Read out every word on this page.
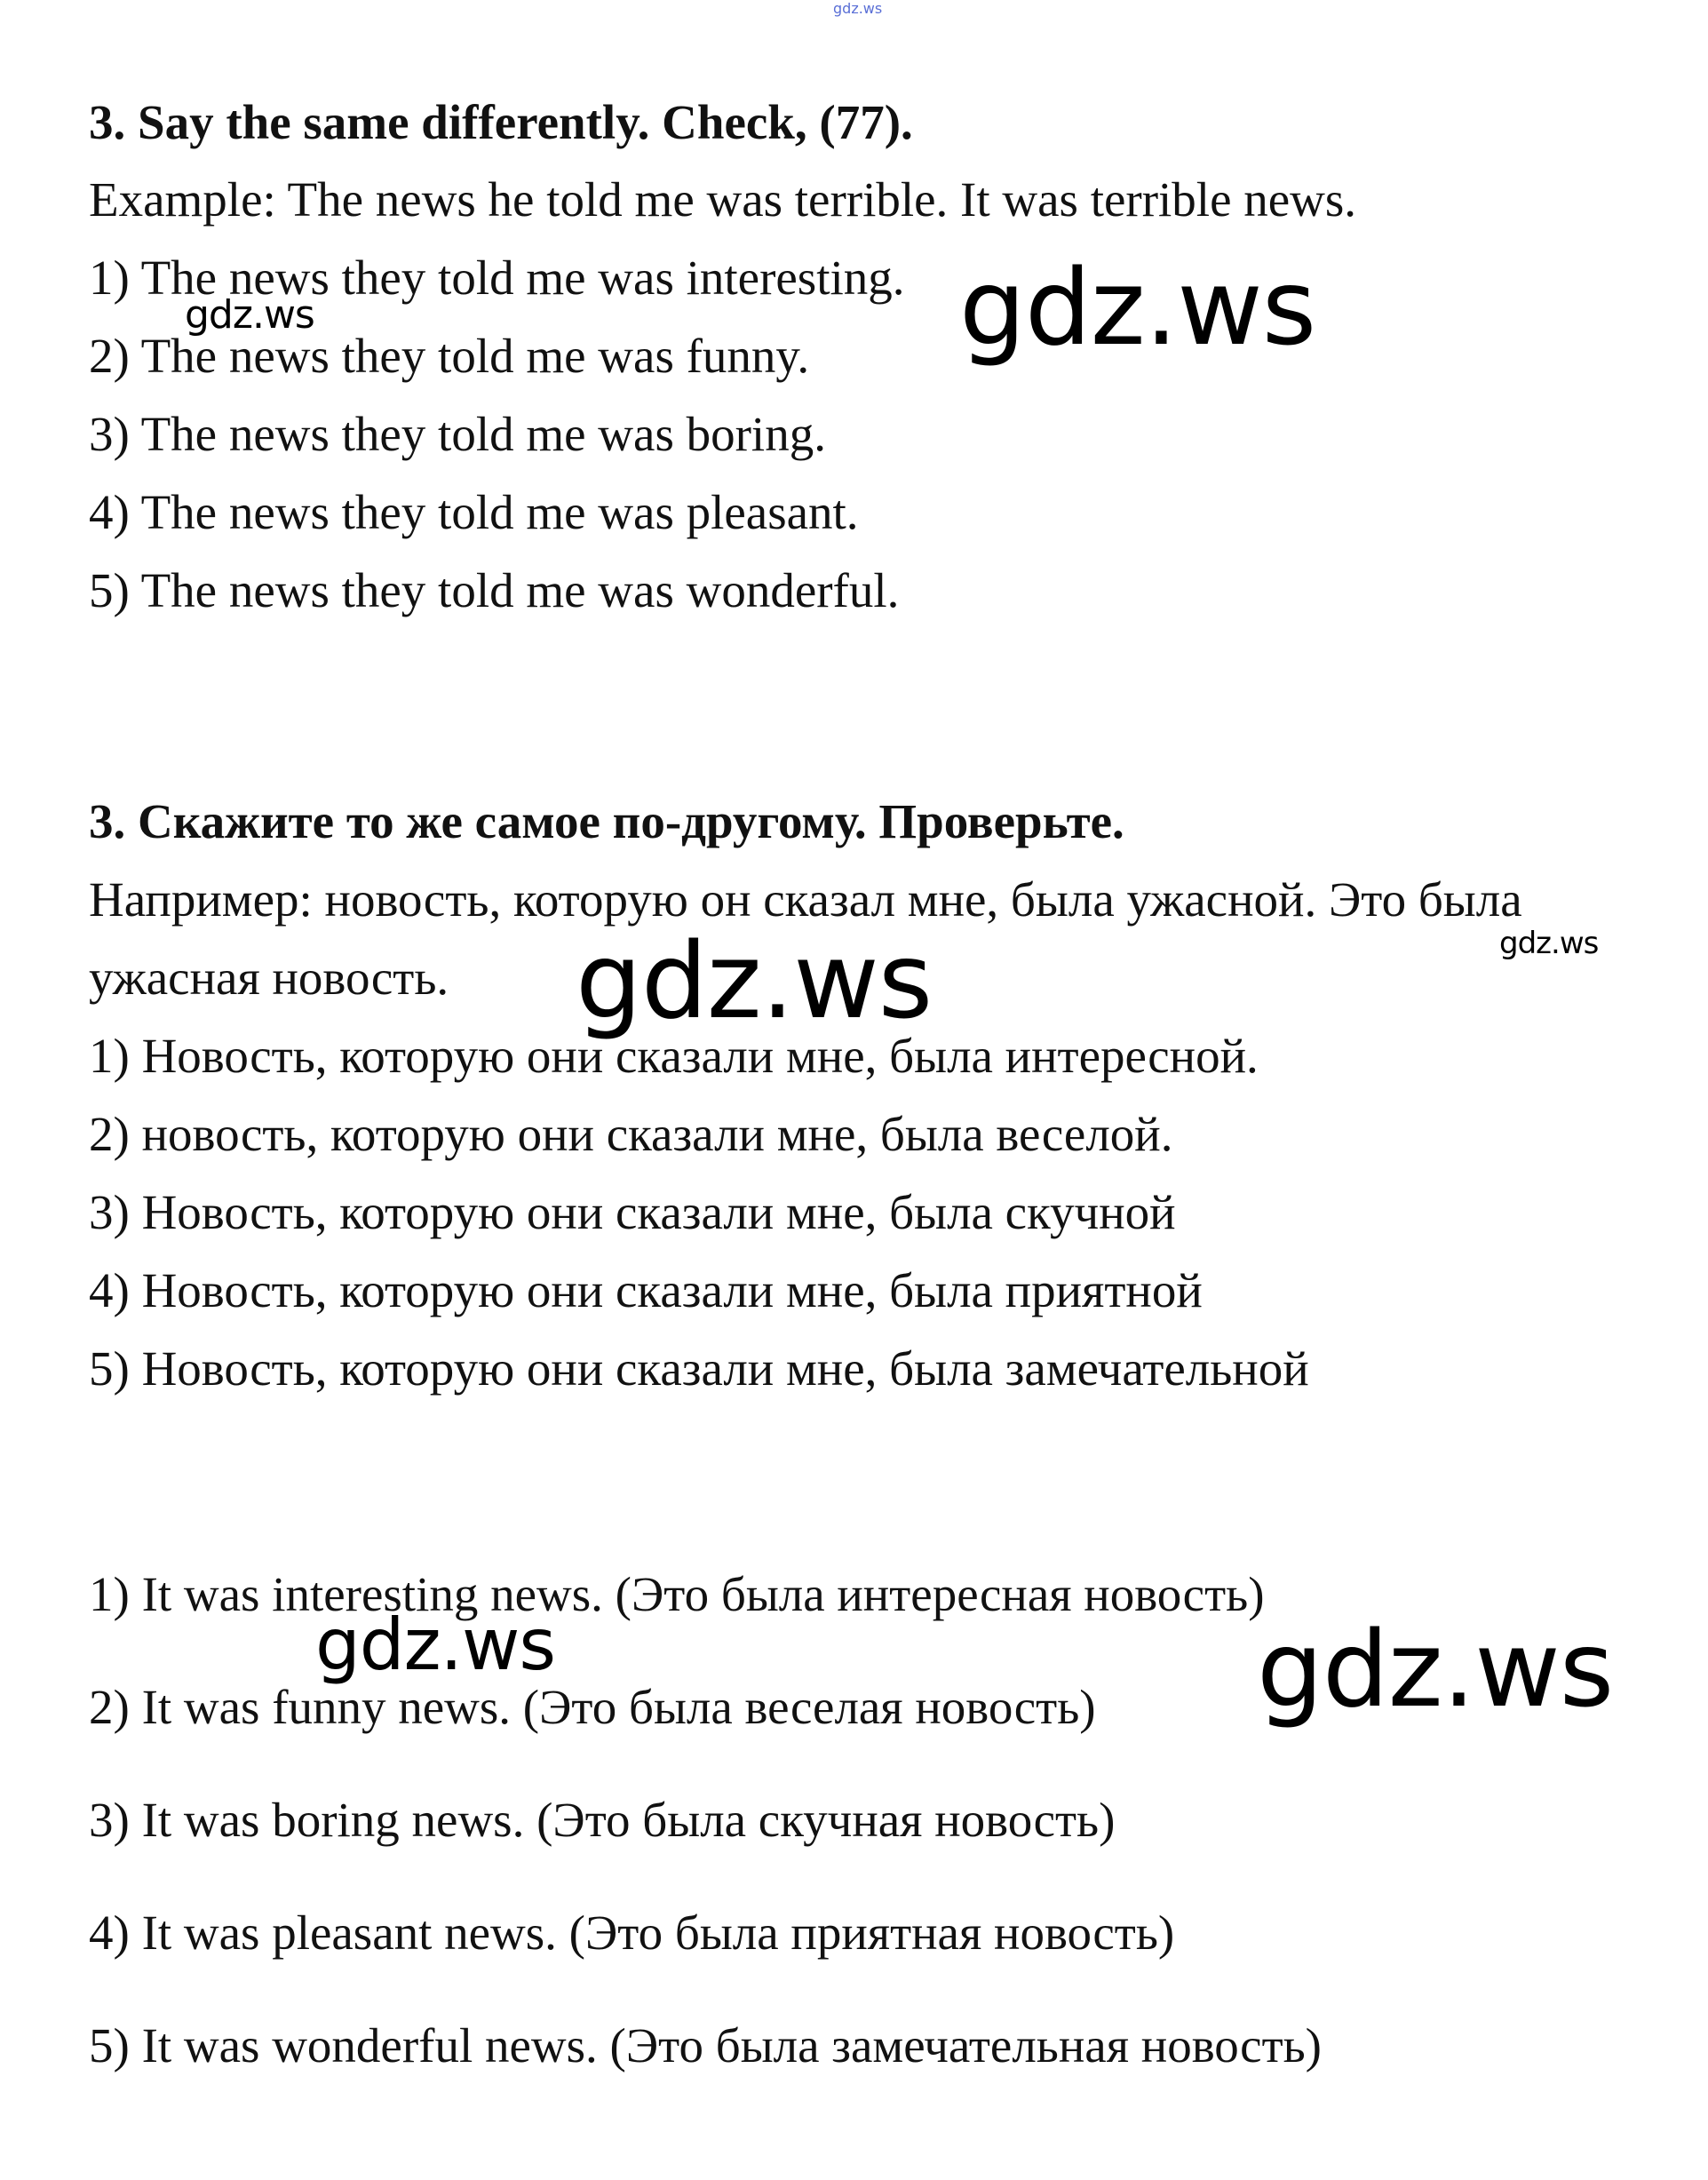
gdz.ws

3. Say the same differently. Check, (77).

Example: The news he told me was terrible. It was terrible news.

1) The news they told me was interesting.

2) The news they told me was funny.

3) The news they told me was boring.

4) The news they told me was pleasant.

5) The news they told me was wonderful.

3. Скажите то же самое по-другому. Проверьте.

Например: новость, которую он сказал мне, была ужасной. Это была

ужасная новость.

1) Новость, которую они сказали мне, была интересной.

2) новость, которую они сказали мне, была веселой.

3) Новость, которую они сказали мне, была скучной

4) Новость, которую они сказали мне, была приятной

5) Новость, которую они сказали мне, была замечательной

1) It was interesting news. (Это была интересная новость)

2) It was funny news. (Это была веселая новость)

3) It was boring news. (Это была скучная новость)

4) It was pleasant news. (Это была приятная новость)

5) It was wonderful news. (Это была замечательная новость)

gdz.ws
gdz.ws
gdz.ws	gdz.ws
gdz.ws	gdz.ws
